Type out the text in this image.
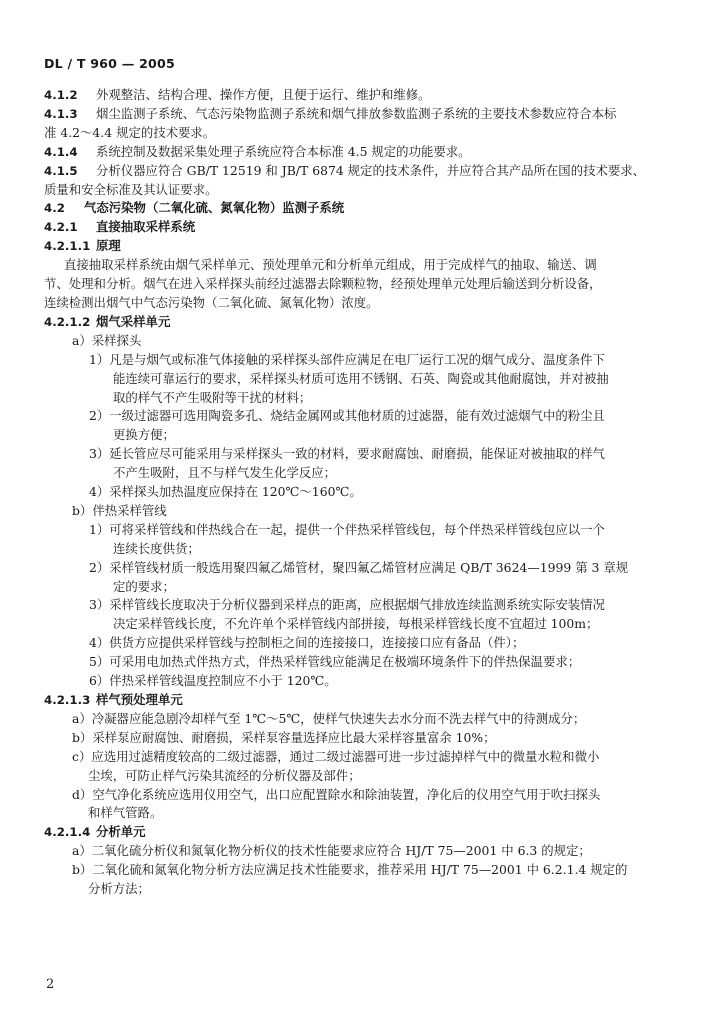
DL / T 960 — 2005
4.1.2 外观整洁、结构合理、操作方便，且便于运行、维护和维修。
4.1.3 烟尘监测子系统、气态污染物监测子系统和烟气排放参数监测子系统的主要技术参数应符合本标
准 4.2～4.4 规定的技术要求。
4.1.4 系统控制及数据采集处理子系统应符合本标准 4.5 规定的功能要求。
4.1.5 分析仪器应符合 GB/T 12519 和 JB/T 6874 规定的技术条件，并应符合其产品所在国的技术要求、
质量和安全标准及其认证要求。
4.2 气态污染物（二氧化硫、氮氧化物）监测子系统
4.2.1 直接抽取采样系统
4.2.1.1 原理
直接抽取采样系统由烟气采样单元、预处理单元和分析单元组成，用于完成样气的抽取、输送、调
节、处理和分析。烟气在进入采样探头前经过滤器去除颗粒物，经预处理单元处理后输送到分析设备，
连续检测出烟气中气态污染物（二氧化硫、氮氧化物）浓度。
4.2.1.2 烟气采样单元
a）采样探头
1）凡是与烟气或标准气体接触的采样探头部件应满足在电厂运行工况的烟气成分、温度条件下
能连续可靠运行的要求，采样探头材质可选用不锈钢、石英、陶瓷或其他耐腐蚀，并对被抽
取的样气不产生吸附等干扰的材料；
2）一级过滤器可选用陶瓷多孔、烧结金属网或其他材质的过滤器，能有效过滤烟气中的粉尘且
更换方便；
3）延长管应尽可能采用与采样探头一致的材料，要求耐腐蚀、耐磨损，能保证对被抽取的样气
不产生吸附，且不与样气发生化学反应；
4）采样探头加热温度应保持在 120℃～160℃。
b）伴热采样管线
1）可将采样管线和伴热线合在一起，提供一个伴热采样管线包，每个伴热采样管线包应以一个
连续长度供货；
2）采样管线材质一般选用聚四氟乙烯管材，聚四氟乙烯管材应满足 QB/T 3624—1999 第 3 章规
定的要求；
3）采样管线长度取决于分析仪器到采样点的距离，应根据烟气排放连续监测系统实际安装情况
决定采样管线长度，不允许单个采样管线内部拼接，每根采样管线长度不宜超过 100m；
4）供货方应提供采样管线与控制柜之间的连接接口，连接接口应有备品（件）；
5）可采用电加热式伴热方式，伴热采样管线应能满足在极端环境条件下的伴热保温要求；
6）伴热采样管线温度控制应不小于 120℃。
4.2.1.3 样气预处理单元
a）冷凝器应能急剧冷却样气至 1℃～5℃，使样气快速失去水分而不洗去样气中的待测成分；
b）采样泵应耐腐蚀、耐磨损，采样泵容量选择应比最大采样容量富余 10%；
c）应选用过滤精度较高的二级过滤器，通过二级过滤器可进一步过滤掉样气中的微量水粒和微小
尘埃，可防止样气污染其流经的分析仪器及部件；
d）空气净化系统应选用仪用空气，出口应配置除水和除油装置，净化后的仪用空气用于吹扫探头
和样气管路。
4.2.1.4 分析单元
a）二氧化硫分析仪和氮氧化物分析仪的技术性能要求应符合 HJ/T 75—2001 中 6.3 的规定；
b）二氧化硫和氮氧化物分析方法应满足技术性能要求，推荐采用 HJ/T 75—2001 中 6.2.1.4 规定的
分析方法；
2
